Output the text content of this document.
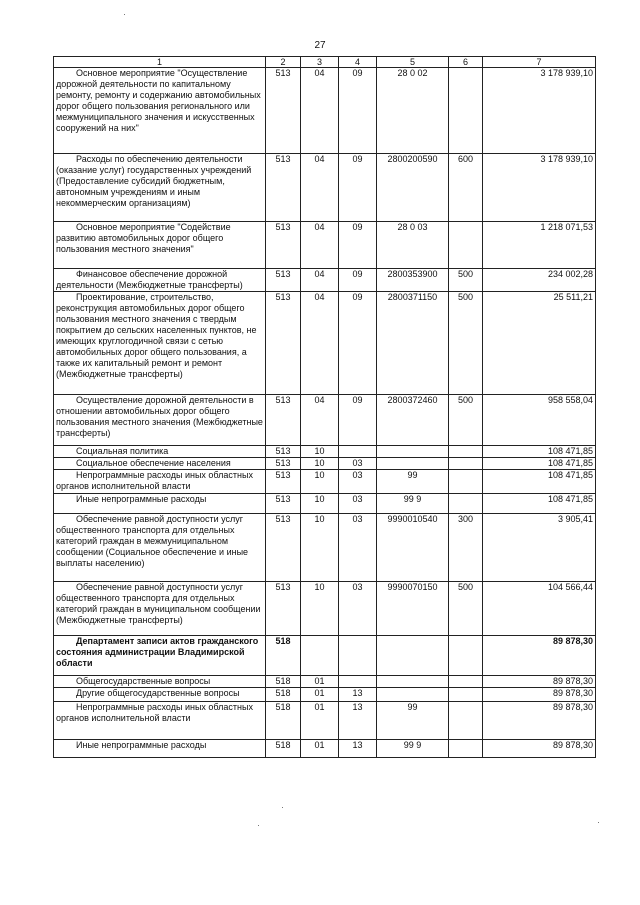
27
1	2	3	4	5	6	7
Основное мероприятие "Осуществление дорожной деятельности по капитальному ремонту, ремонту и содержанию автомобильных дорог общего пользования регионального или межмуниципального значения и искусственных сооружений на них"	513	04	09	28 0 02		3 178 939,10
Расходы по обеспечению деятельности (оказание услуг) государственных учреждений (Предоставление субсидий бюджетным, автономным учреждениям и иным некоммерческим организациям)	513	04	09	2800200590	600	3 178 939,10
Основное мероприятие "Содействие развитию автомобильных дорог общего пользования местного значения"	513	04	09	28 0 03		1 218 071,53
Финансовое обеспечение дорожной деятельности (Межбюджетные трансферты)	513	04	09	2800353900	500	234 002,28
Проектирование, строительство, реконструкция автомобильных дорог общего пользования местного значения с твердым покрытием до сельских населенных пунктов, не имеющих круглогодичной связи с сетью автомобильных дорог общего пользования, а также их капитальный ремонт и ремонт (Межбюджетные трансферты)	513	04	09	2800371150	500	25 511,21
Осуществление дорожной деятельности в отношении автомобильных дорог общего пользования местного значения (Межбюджетные трансферты)	513	04	09	2800372460	500	958 558,04
Социальная политика	513	10				108 471,85
Социальное обеспечение населения	513	10	03			108 471,85
Непрограммные расходы иных областных органов исполнительной власти	513	10	03	99		108 471,85
Иные непрограммные расходы	513	10	03	99 9		108 471,85
Обеспечение равной доступности услуг общественного транспорта для отдельных категорий граждан в межмуниципальном сообщении (Социальное обеспечение и иные выплаты населению)	513	10	03	9990010540	300	3 905,41
Обеспечение равной доступности услуг общественного транспорта для отдельных категорий граждан в муниципальном сообщении (Межбюджетные трансферты)	513	10	03	9990070150	500	104 566,44
Департамент записи актов гражданского состояния администрации Владимирской области	518					89 878,30
Общегосударственные вопросы	518	01				89 878,30
Другие общегосударственные вопросы	518	01	13			89 878,30
Непрограммные расходы иных областных органов исполнительной власти	518	01	13	99		89 878,30
Иные непрограммные расходы	518	01	13	99 9		89 878,30
